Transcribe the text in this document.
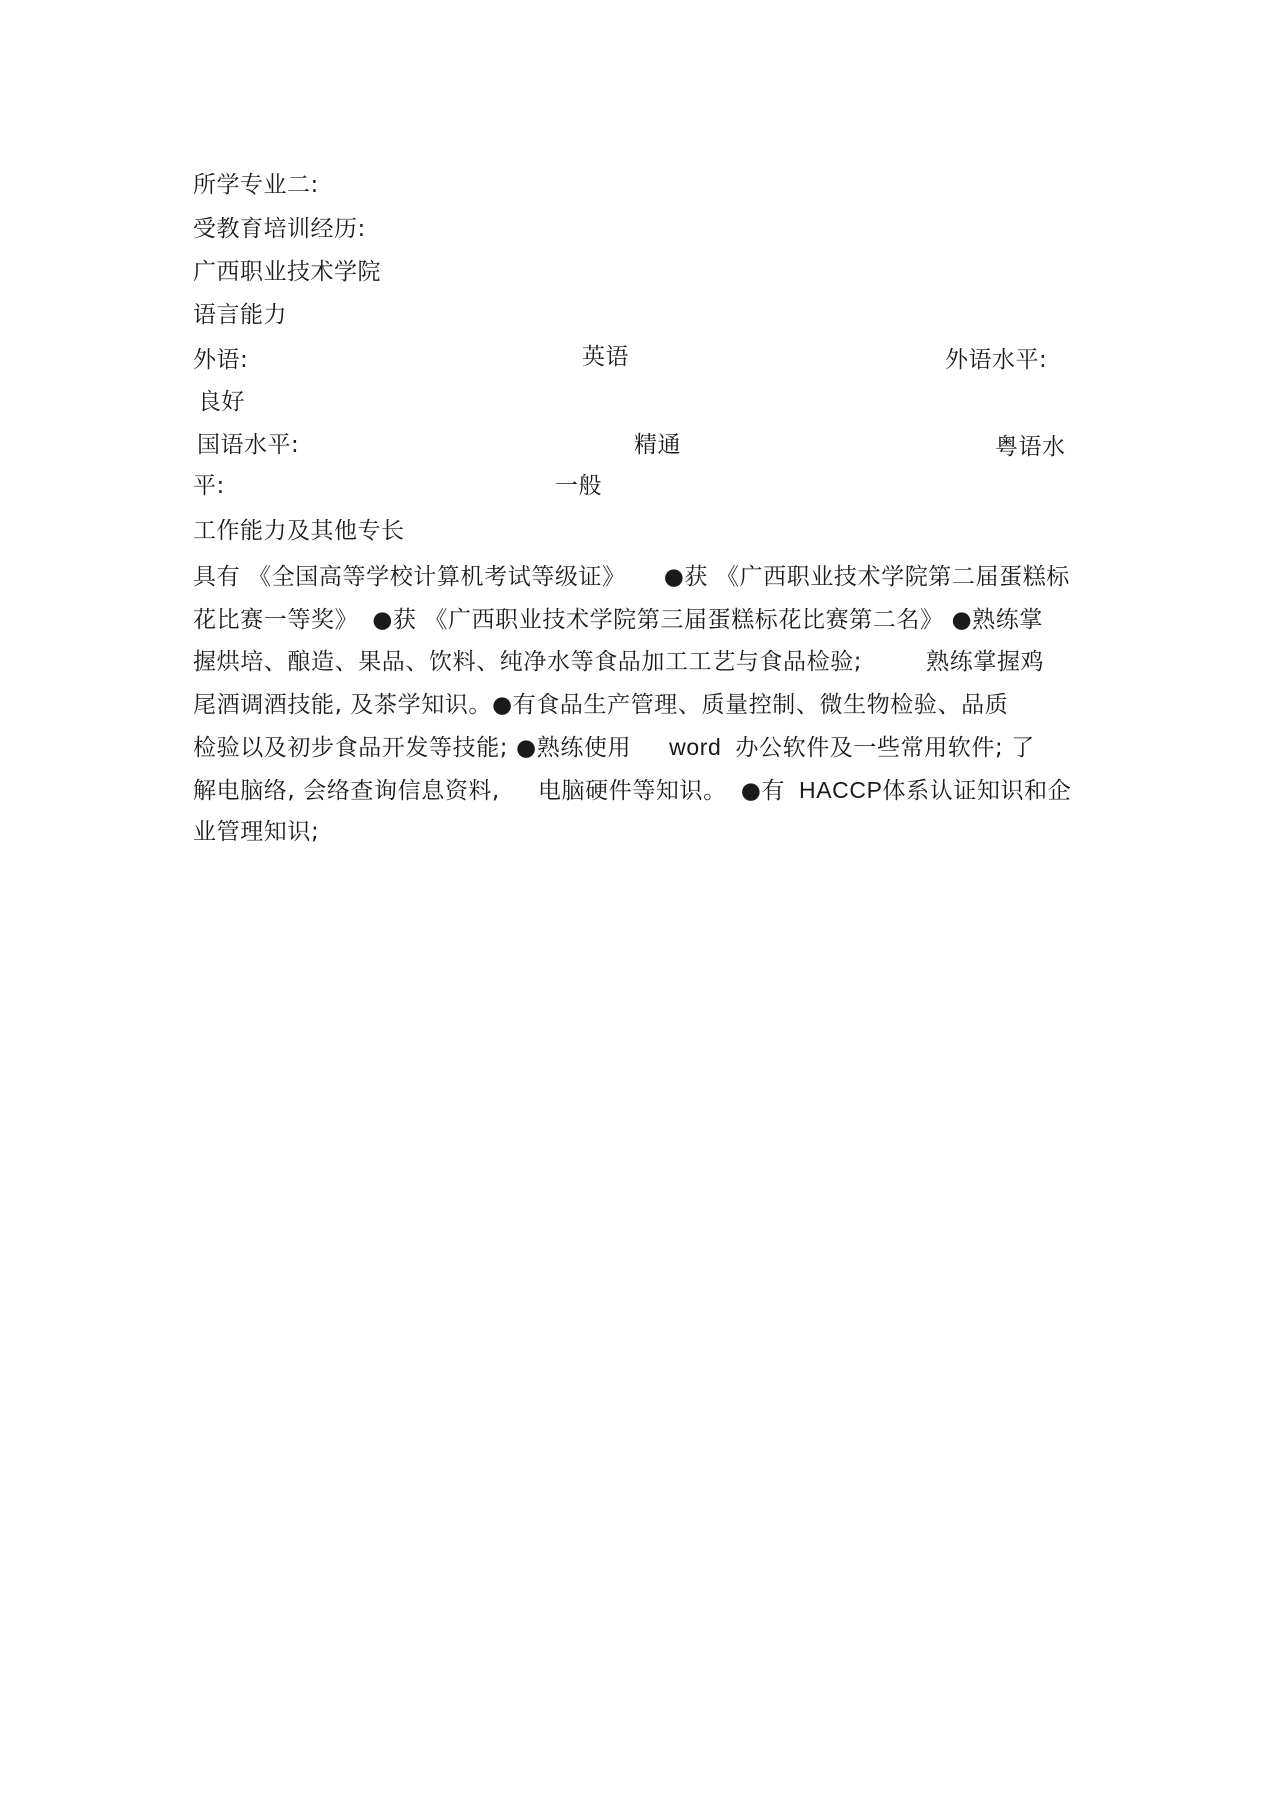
所学专业二:
受教育培训经历:
广西职业技术学院
语言能力
外语:	英语	外语水平:
良好
国语水平:	精通	粤语水
平:	一般
工作能力及其他专长
具有 《全国高等学校计算机考试等级证》 ●获 《广西职业技术学院第二届蛋糕标
花比赛一等奖》 ●获 《广西职业技术学院第三届蛋糕标花比赛第二名》 ●熟练掌
握烘培、酿造、果品、饮料、纯净水等食品加工工艺与食品检验;	熟练掌握鸡
尾酒调酒技能, 及茶学知识。●有食品生产管理、质量控制、微生物检验、品质
检验以及初步食品开发等技能; ●熟练使用 word 办公软件及一些常用软件; 了
解电脑络, 会络查询信息资料, 电脑硬件等知识。 ●有 HACCP体系认证知识和企
业管理知识;
